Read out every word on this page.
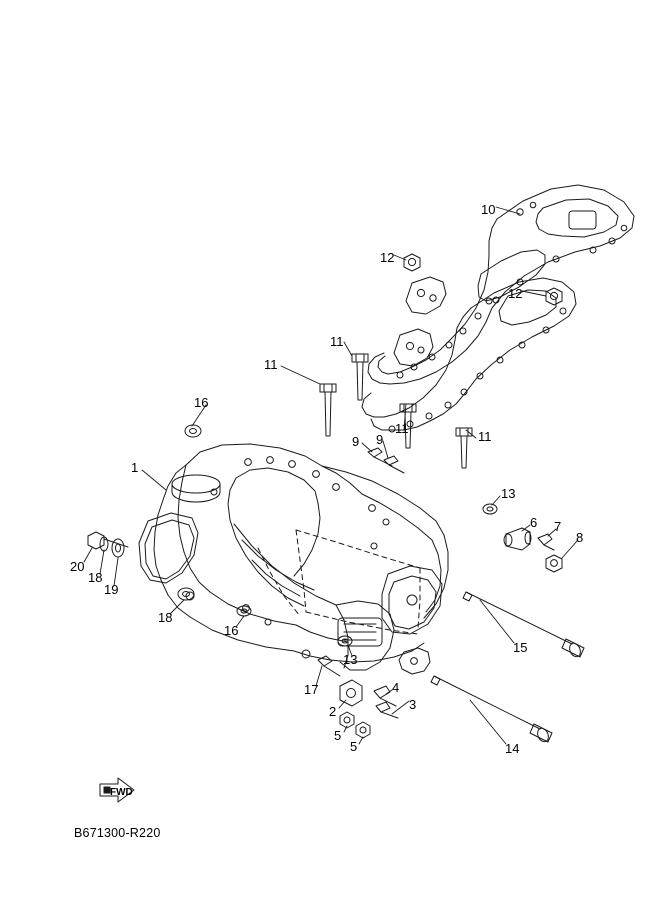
10
12
12
11
11
9 9
11
11
16
1
13
6 7
8
20
18
19
18
16
15
13
17	4
3
2
5
5	14
FWD
B671300-R220
